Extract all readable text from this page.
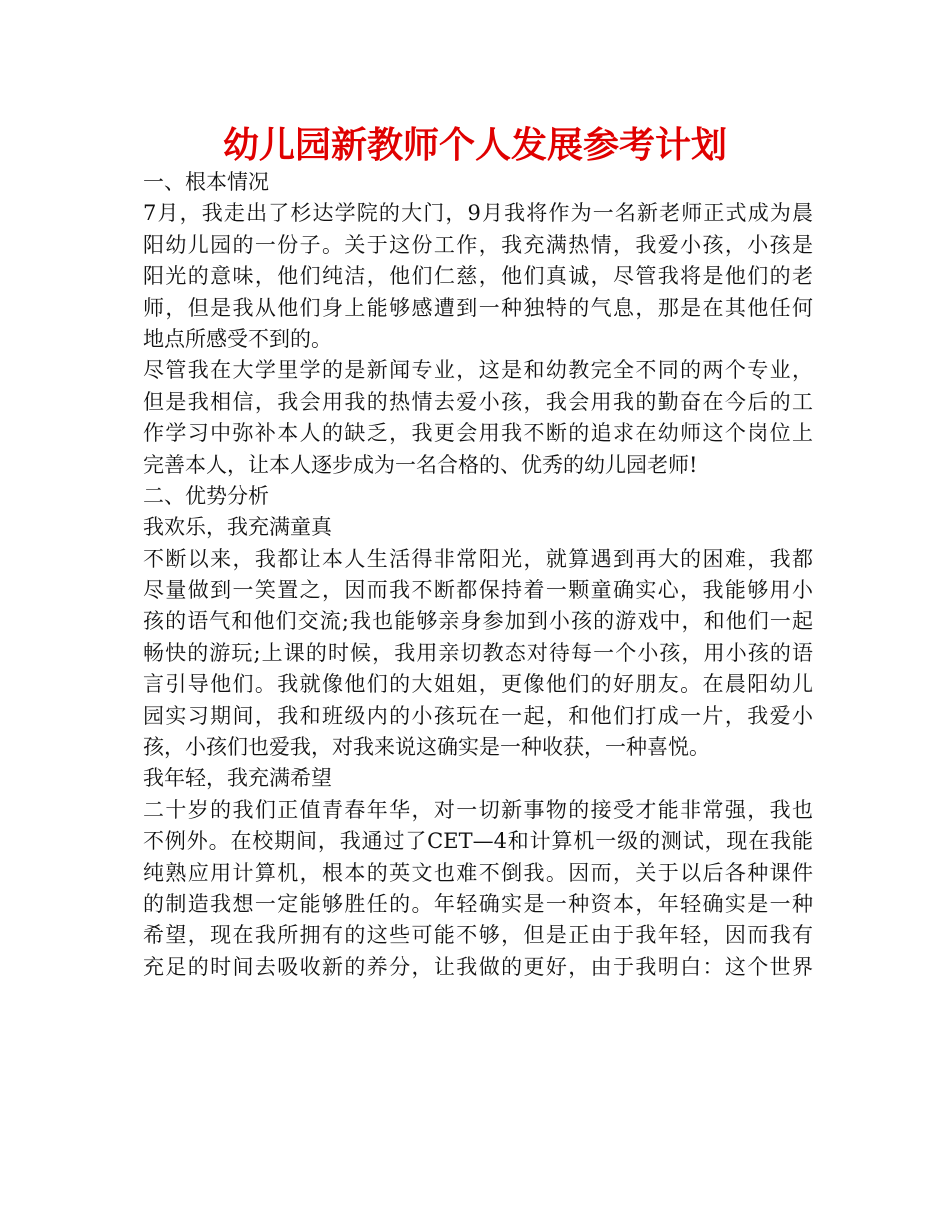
幼儿园新教师个人发展参考计划
一、根本情况
7月，我走出了杉达学院的大门，9月我将作为一名新老师正式成为晨
阳幼儿园的一份子。关于这份工作，我充满热情，我爱小孩，小孩是
阳光的意味，他们纯洁，他们仁慈，他们真诚，尽管我将是他们的老
师，但是我从他们身上能够感遭到一种独特的气息，那是在其他任何
地点所感受不到的。
尽管我在大学里学的是新闻专业，这是和幼教完全不同的两个专业，
但是我相信，我会用我的热情去爱小孩，我会用我的勤奋在今后的工
作学习中弥补本人的缺乏，我更会用我不断的追求在幼师这个岗位上
完善本人，让本人逐步成为一名合格的、优秀的幼儿园老师!
二、优势分析
我欢乐，我充满童真
不断以来，我都让本人生活得非常阳光，就算遇到再大的困难，我都
尽量做到一笑置之，因而我不断都保持着一颗童确实心，我能够用小
孩的语气和他们交流;我也能够亲身参加到小孩的游戏中，和他们一起
畅快的游玩;上课的时候，我用亲切教态对待每一个小孩，用小孩的语
言引导他们。我就像他们的大姐姐，更像他们的好朋友。在晨阳幼儿
园实习期间，我和班级内的小孩玩在一起，和他们打成一片，我爱小
孩，小孩们也爱我，对我来说这确实是一种收获，一种喜悦。
我年轻，我充满希望
二十岁的我们正值青春年华，对一切新事物的接受才能非常强，我也
不例外。在校期间，我通过了CET—4和计算机一级的测试，现在我能
纯熟应用计算机，根本的英文也难不倒我。因而，关于以后各种课件
的制造我想一定能够胜任的。年轻确实是一种资本，年轻确实是一种
希望，现在我所拥有的这些可能不够，但是正由于我年轻，因而我有
充足的时间去吸收新的养分，让我做的更好，由于我明白：这个世界
